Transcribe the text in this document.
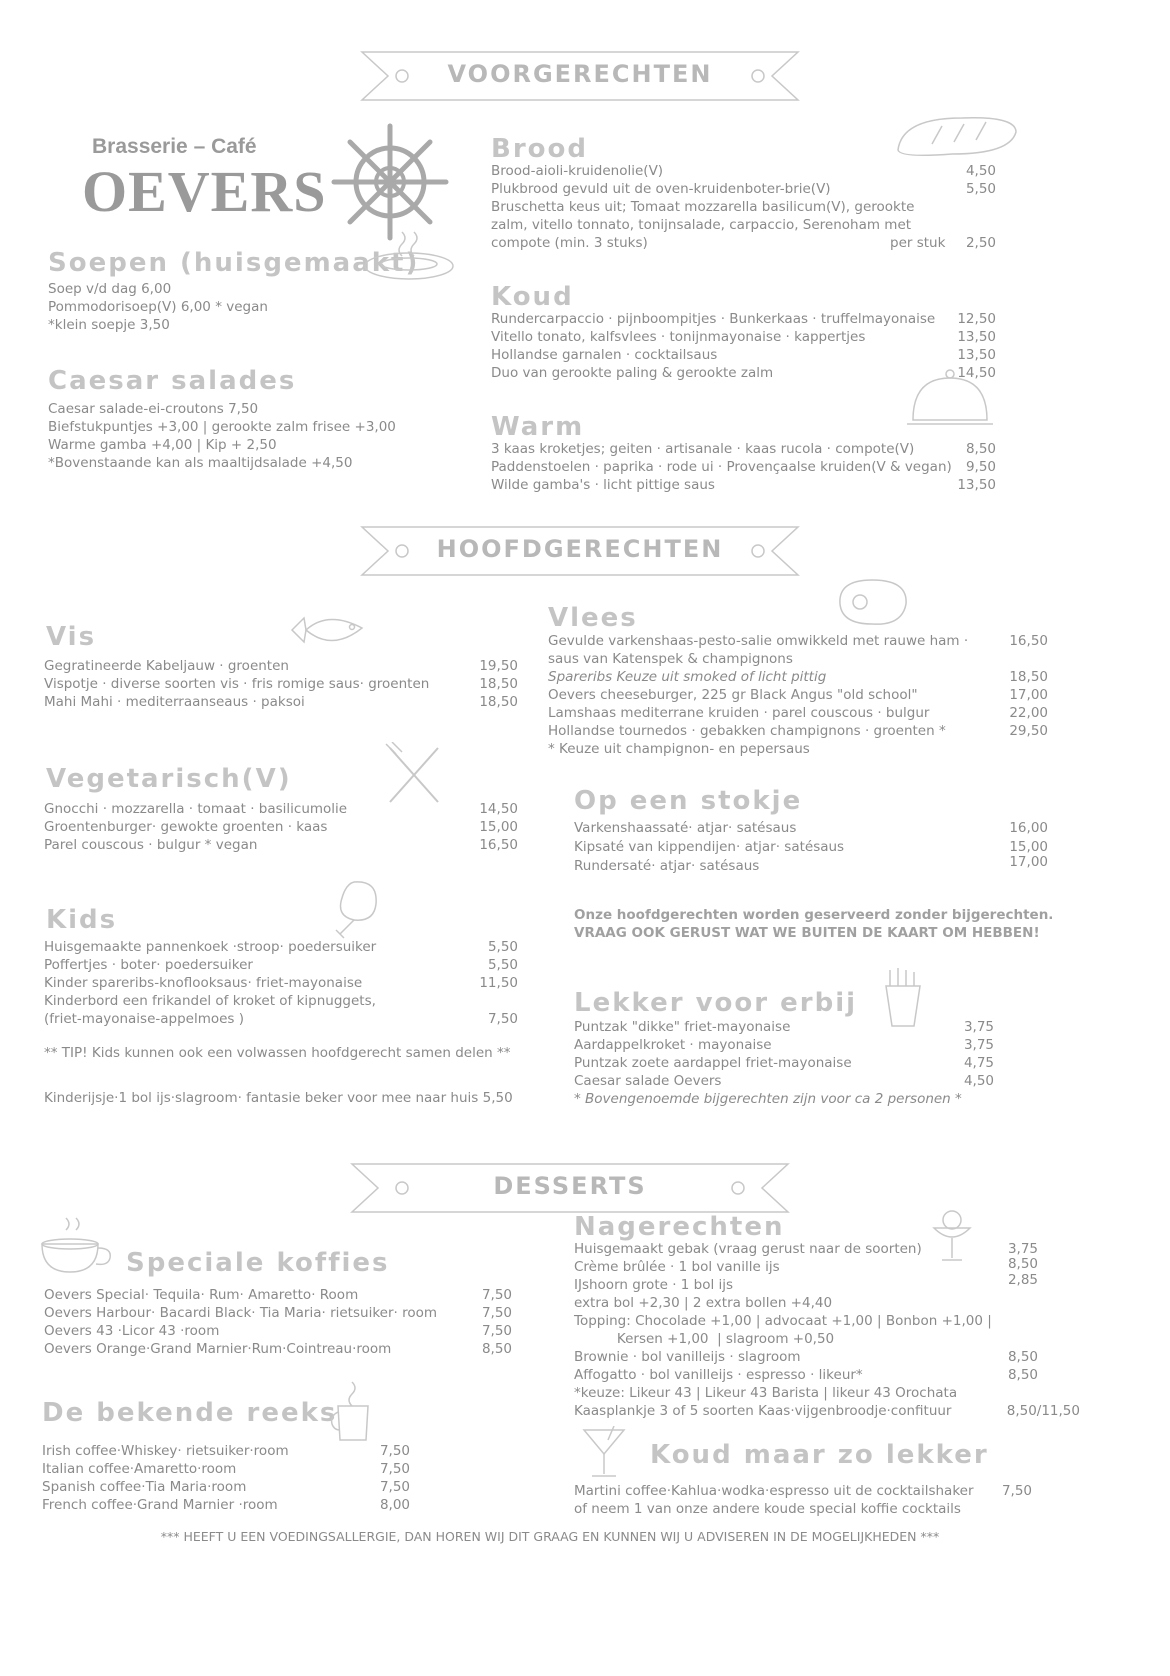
VOORGERECHTEN
HOOFDGERECHTEN
DESSERTS
Brasserie – Café
OEVERS
Soepen (huisgemaakt)
Soep v/d dag 6,00
Pommodorisoep(V) 6,00 * vegan
*klein soepje 3,50
Caesar salades
Caesar salade-ei-croutons 7,50
Biefstukpuntjes +3,00 | gerookte zalm frisee +3,00
Warme gamba +4,00 | Kip + 2,50
*Bovenstaande kan als maaltijdsalade +4,50
Brood
Brood-aioli-kruidenolie(V)	4,50
Plukbrood gevuld uit de oven-kruidenboter-brie(V)	5,50
Bruschetta keus uit; Tomaat mozzarella basilicum(V), gerookte
zalm, vitello tonnato, tonijnsalade, carpaccio, Serenoham met
compote (min. 3 stuks)	per stuk	2,50
Koud
Rundercarpaccio · pijnboompitjes · Bunkerkaas · truffelmayonaise	12,50
Vitello tonato, kalfsvlees · tonijnmayonaise · kappertjes	13,50
Hollandse garnalen · cocktailsaus	13,50
Duo van gerookte paling & gerookte zalm	14,50
Warm
3 kaas kroketjes; geiten · artisanale · kaas rucola · compote(V)	8,50
Paddenstoelen · paprika · rode ui · Provençaalse kruiden(V & vegan)	9,50
Wilde gamba's · licht pittige saus	13,50
Vis
Gegratineerde Kabeljauw · groenten	19,50
Vispotje · diverse soorten vis · fris romige saus· groenten	18,50
Mahi Mahi · mediterraanseaus · paksoi	18,50
Vlees
Gevulde varkenshaas-pesto-salie omwikkeld met rauwe ham ·	16,50
saus van Katenspek & champignons
Spareribs Keuze uit smoked of licht pittig	18,50
Oevers cheeseburger, 225 gr Black Angus "old school"	17,00
Lamshaas mediterrane kruiden · parel couscous · bulgur	22,00
Hollandse tournedos · gebakken champignons · groenten *	29,50
* Keuze uit champignon- en pepersaus
Vegetarisch(V)
Gnocchi · mozzarella · tomaat · basilicumolie	14,50
Groentenburger· gewokte groenten · kaas	15,00
Parel couscous · bulgur * vegan	16,50
Op een stokje
Varkenshaassaté· atjar· satésaus	16,00
Kipsaté van kippendijen· atjar· satésaus	15,00
Rundersaté· atjar· satésaus	17,00
Kids
Huisgemaakte pannenkoek ·stroop· poedersuiker	5,50
Poffertjes · boter· poedersuiker	5,50
Kinder spareribs-knoflooksaus· friet-mayonaise	11,50
Kinderbord een frikandel of kroket of kipnuggets,
(friet-mayonaise-appelmoes )	7,50
** TIP! Kids kunnen ook een volwassen hoofdgerecht samen delen **
Kinderijsje·1 bol ijs·slagroom· fantasie beker voor mee naar huis 5,50
Onze hoofdgerechten worden geserveerd zonder bijgerechten.
VRAAG OOK GERUST WAT WE BUITEN DE KAART OM HEBBEN!
Lekker voor erbij
Puntzak "dikke" friet-mayonaise	3,75
Aardappelkroket · mayonaise	3,75
Puntzak zoete aardappel friet-mayonaise	4,75
Caesar salade Oevers	4,50
* Bovengenoemde bijgerechten zijn voor ca 2 personen *
Nagerechten
Huisgemaakt gebak (vraag gerust naar de soorten)	3,75
Crème brûlée · 1 bol vanille ijs	8,50
IJshoorn grote · 1 bol ijs	2,85
extra bol +2,30 | 2 extra bollen +4,40
Topping: Chocolade +1,00 | advocaat +1,00 | Bonbon +1,00 |
Kersen +1,00  | slagroom +0,50
Brownie · bol vanilleijs · slagroom	8,50
Affogatto · bol vanilleijs · espresso · likeur*	8,50
*keuze: Likeur 43 | Likeur 43 Barista | likeur 43 Orochata
Kaasplankje 3 of 5 soorten Kaas·vijgenbroodje·confituur	8,50/11,50
Speciale koffies
Oevers Special· Tequila· Rum· Amaretto· Room	7,50
Oevers Harbour· Bacardi Black· Tia Maria· rietsuiker· room	7,50
Oevers 43 ·Licor 43 ·room	7,50
Oevers Orange·Grand Marnier·Rum·Cointreau·room	8,50
De bekende reeks
Irish coffee·Whiskey· rietsuiker·room	7,50
Italian coffee·Amaretto·room	7,50
Spanish coffee·Tia Maria·room	7,50
French coffee·Grand Marnier ·room	8,00
Koud maar zo lekker
Martini coffee·Kahlua·wodka·espresso uit de cocktailshaker	7,50
of neem 1 van onze andere koude special koffie cocktails
*** HEEFT U EEN VOEDINGSALLERGIE, DAN HOREN WIJ DIT GRAAG EN KUNNEN WIJ U ADVISEREN IN DE MOGELIJKHEDEN ***
